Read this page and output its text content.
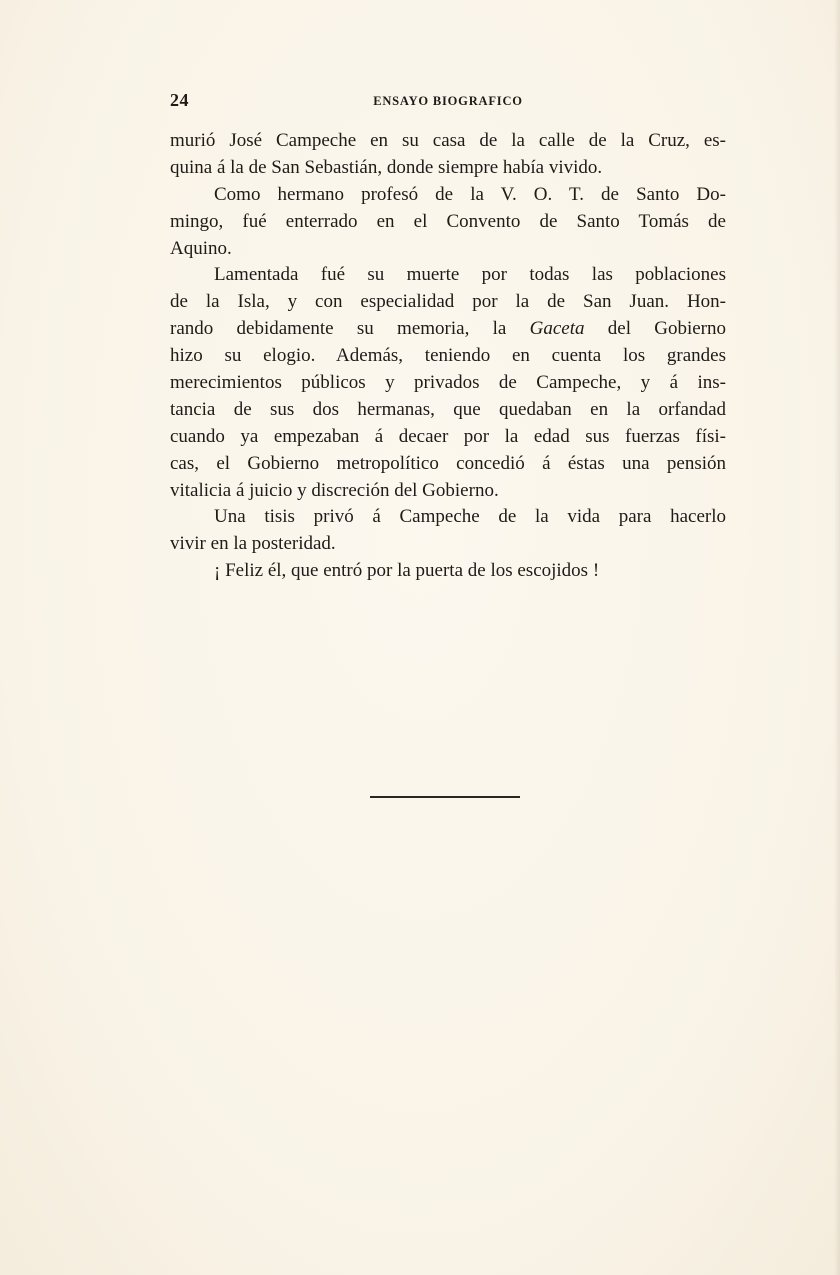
24	ENSAYO BIOGRAFICO
murió José Campeche en su casa de la calle de la Cruz, es-
quina á la de San Sebastián, donde siempre había vivido.
Como hermano profesó de la V. O. T. de Santo Do-
mingo, fué enterrado en el Convento de Santo Tomás de
Aquino.
Lamentada fué su muerte por todas las poblaciones
de la Isla, y con especialidad por la de San Juan. Hon-
rando debidamente su memoria, la Gaceta del Gobierno
hizo su elogio. Además, teniendo en cuenta los grandes
merecimientos públicos y privados de Campeche, y á ins-
tancia de sus dos hermanas, que quedaban en la orfandad
cuando ya empezaban á decaer por la edad sus fuerzas físi-
cas, el Gobierno metropolítico concedió á éstas una pensión
vitalicia á juicio y discreción del Gobierno.
Una tisis privó á Campeche de la vida para hacerlo
vivir en la posteridad.
¡ Feliz él, que entró por la puerta de los escojidos !
